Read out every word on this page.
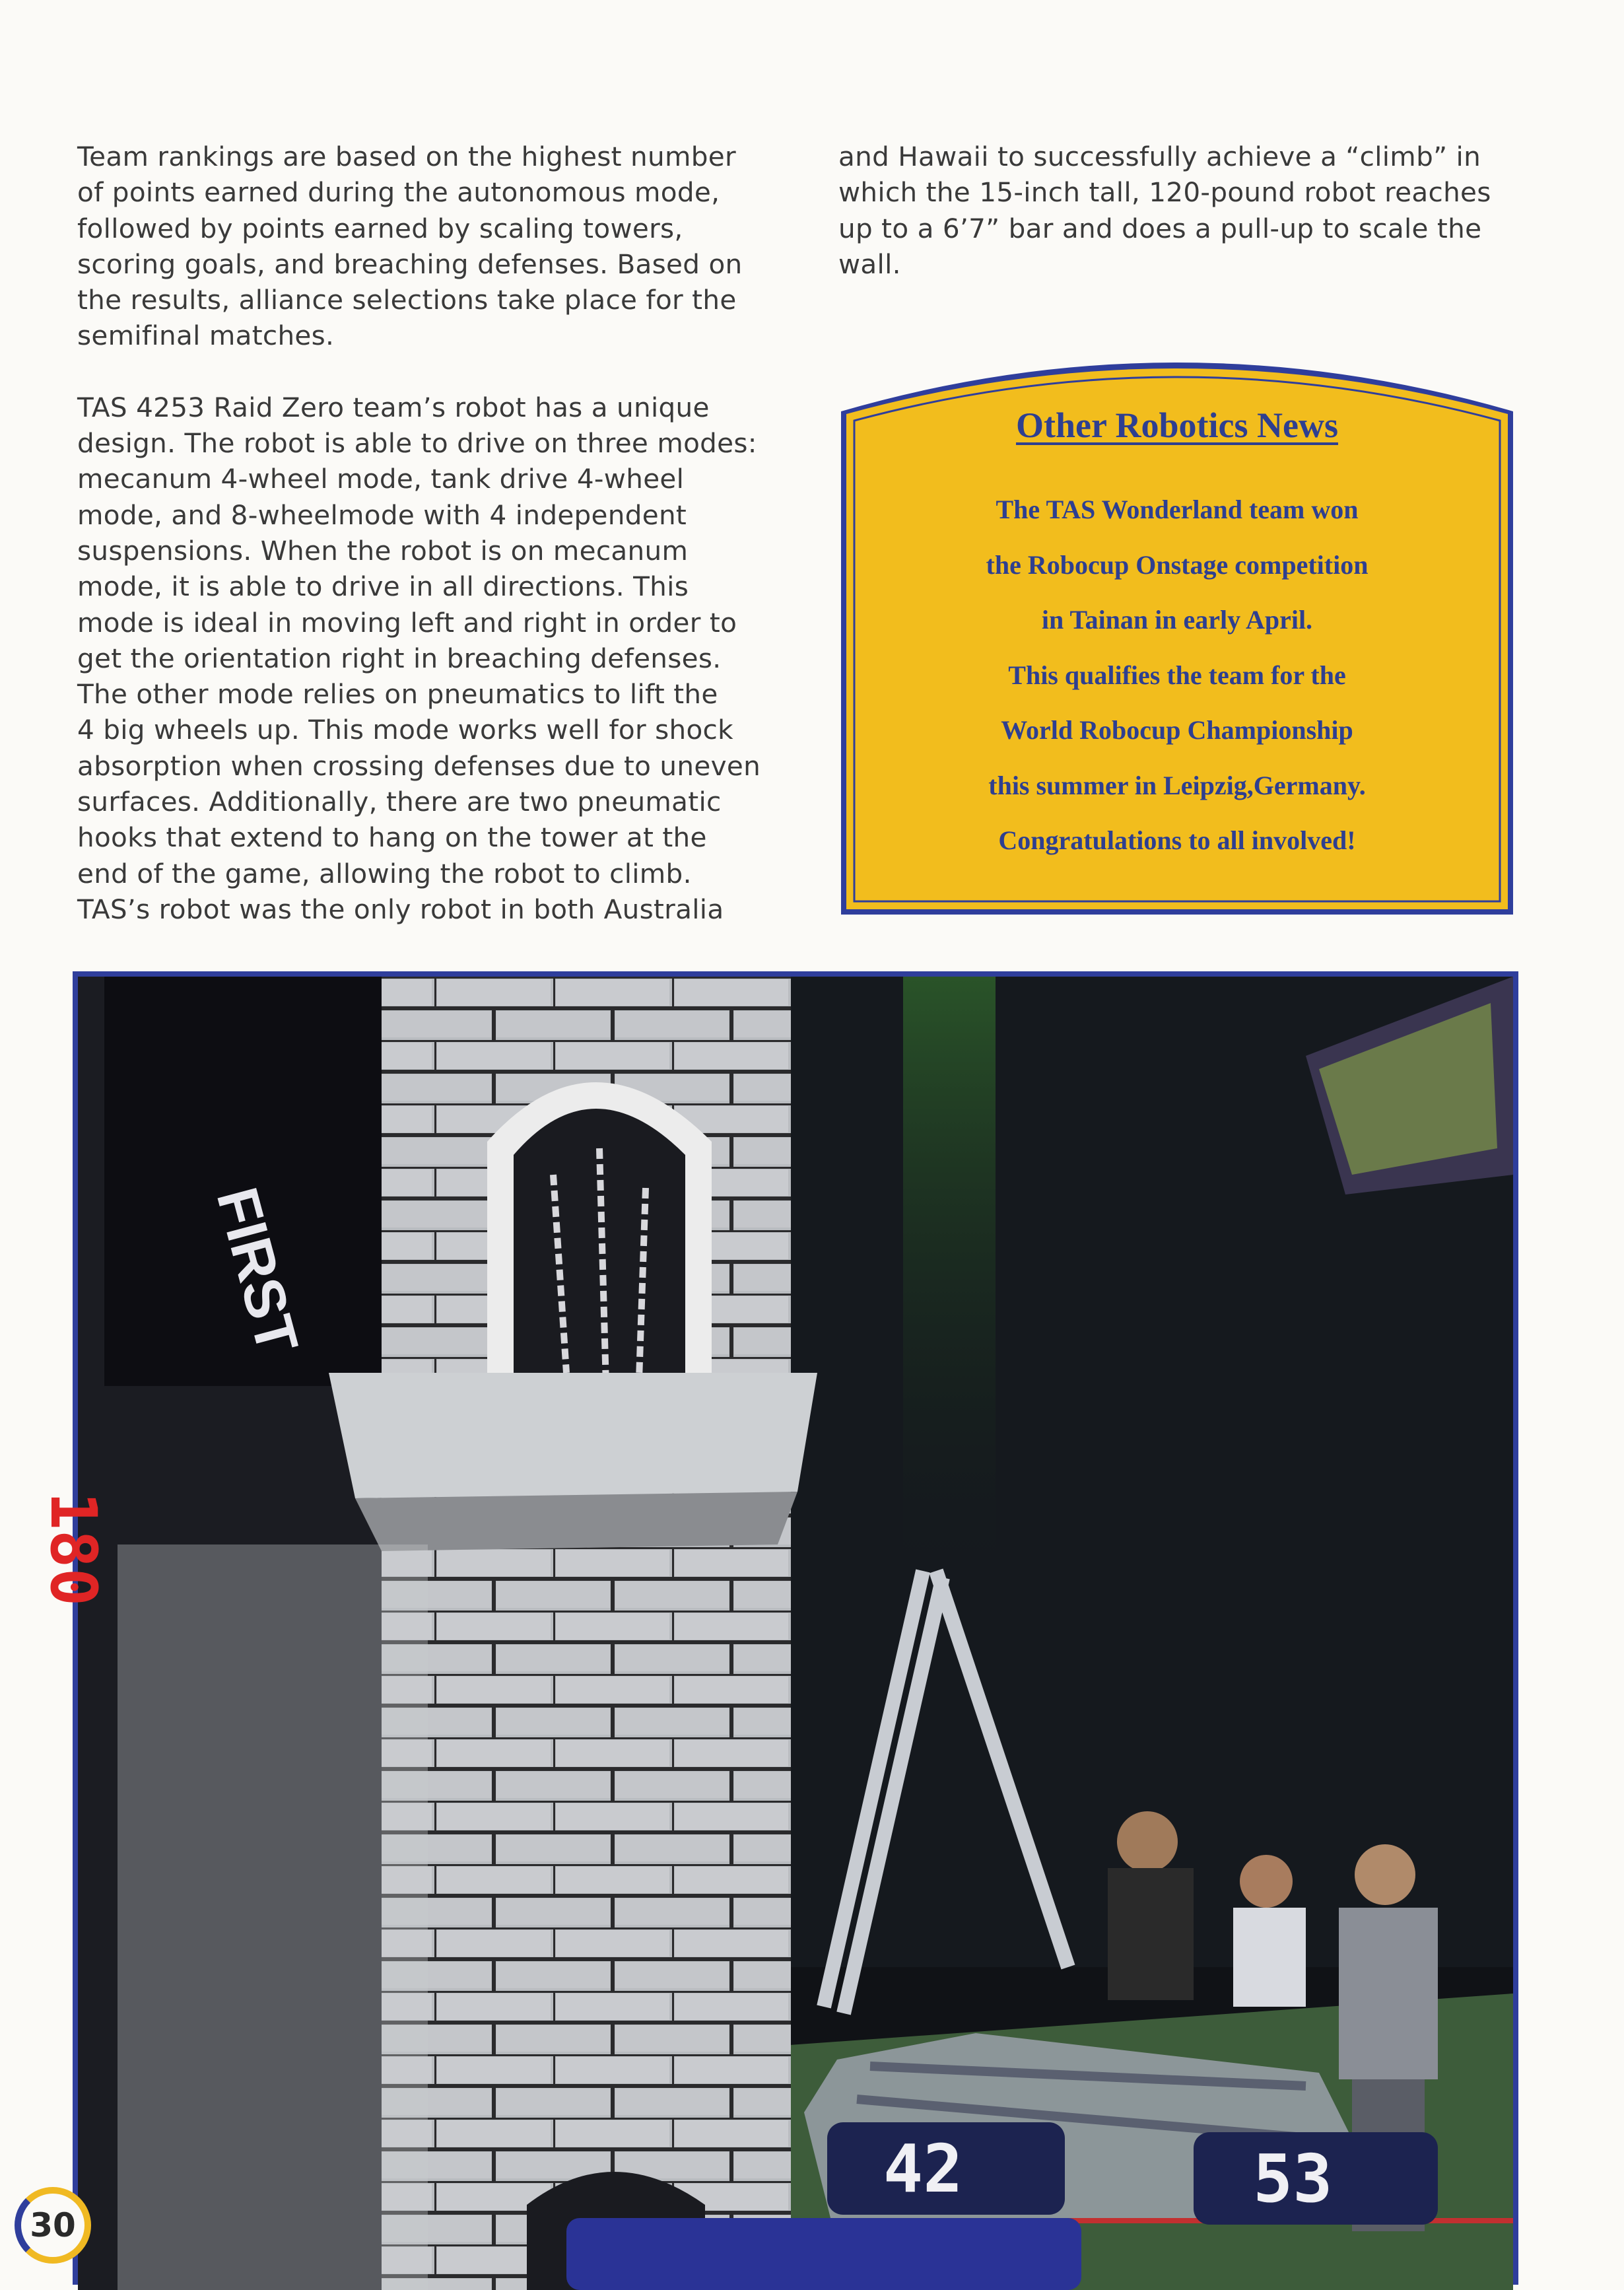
Team rankings are based on the highest number
of points earned during the autonomous mode,
followed by points earned by scaling towers,
scoring goals, and breaching defenses. Based on
the results, alliance selections take place for the
semifinal matches.

TAS 4253 Raid Zero team’s robot has a unique
design. The robot is able to drive on three modes:
mecanum 4-wheel mode, tank drive 4-wheel
mode, and 8-wheelmode with 4 independent
suspensions. When the robot is on mecanum
mode, it is able to drive in all directions. This
mode is ideal in moving left and right in order to
get the orientation right in breaching defenses.
The other mode relies on pneumatics to lift the
4 big wheels up. This mode works well for shock
absorption when crossing defenses due to uneven
surfaces. Additionally, there are two pneumatic
hooks that extend to hang on the tower at the
end of the game, allowing the robot to climb.
TAS’s robot was the only robot in both Australia

and Hawaii to successfully achieve a “climb” in
which the 15-inch tall, 120-pound robot reaches
up to a 6’7” bar and does a pull-up to scale the
wall.

Other Robotics News
The TAS Wonderland team won
the Robocup Onstage competition
in Tainan in early April.
This qualifies the team for the
World Robocup Championship
this summer in Leipzig,Germany.
Congratulations to all involved!
FIRST
180
42	53
30
